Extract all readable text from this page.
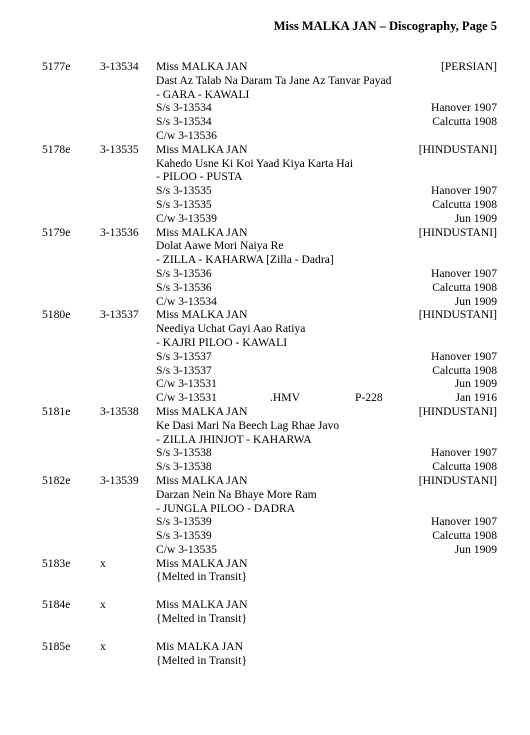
Miss MALKA JAN – Discography, Page 5
5177e	3-13534 Miss MALKA JAN	[PERSIAN]
Dast Az Talab Na Daram Ta Jane Az Tanvar Payad
- GARA - KAWALI
S/s 3-13534	Hanover 1907
S/s 3-13534	Calcutta 1908
C/w 3-13536
5178e	3-13535 Miss MALKA JAN	[HINDUSTANI]
Kahedo Usne Ki Koi Yaad Kiya Karta Hai
- PILOO - PUSTA
S/s 3-13535	Hanover 1907
S/s 3-13535	Calcutta 1908
C/w 3-13539	Jun 1909
5179e	3-13536 Miss MALKA JAN	[HINDUSTANI]
Dolat Aawe Mori Naiya Re
- ZILLA - KAHARWA [Zilla - Dadra]
S/s 3-13536	Hanover 1907
S/s 3-13536	Calcutta 1908
C/w 3-13534	Jun 1909
5180e	3-13537 Miss MALKA JAN	[HINDUSTANI]
Neediya Uchat Gayi Aao Ratiya
- KAJRI PILOO - KAWALI
S/s 3-13537	Hanover 1907
S/s 3-13537	Calcutta 1908
C/w 3-13531	Jun 1909
C/w 3-13531	.HMV	P-228	Jan 1916
5181e	3-13538 Miss MALKA JAN	[HINDUSTANI]
Ke Dasi Mari Na Beech Lag Rhae Javo
- ZILLA JHINJOT - KAHARWA
S/s 3-13538	Hanover 1907
S/s 3-13538	Calcutta 1908
5182e	3-13539 Miss MALKA JAN	[HINDUSTANI]
Darzan Nein Na Bhaye More Ram
- JUNGLA PILOO - DADRA
S/s 3-13539	Hanover 1907
S/s 3-13539	Calcutta 1908
C/w 3-13535	Jun 1909
5183e	x	Miss MALKA JAN
{Melted in Transit}
5184e	x	Miss MALKA JAN
{Melted in Transit}
5185e	x	Mis MALKA JAN
{Melted in Transit}
